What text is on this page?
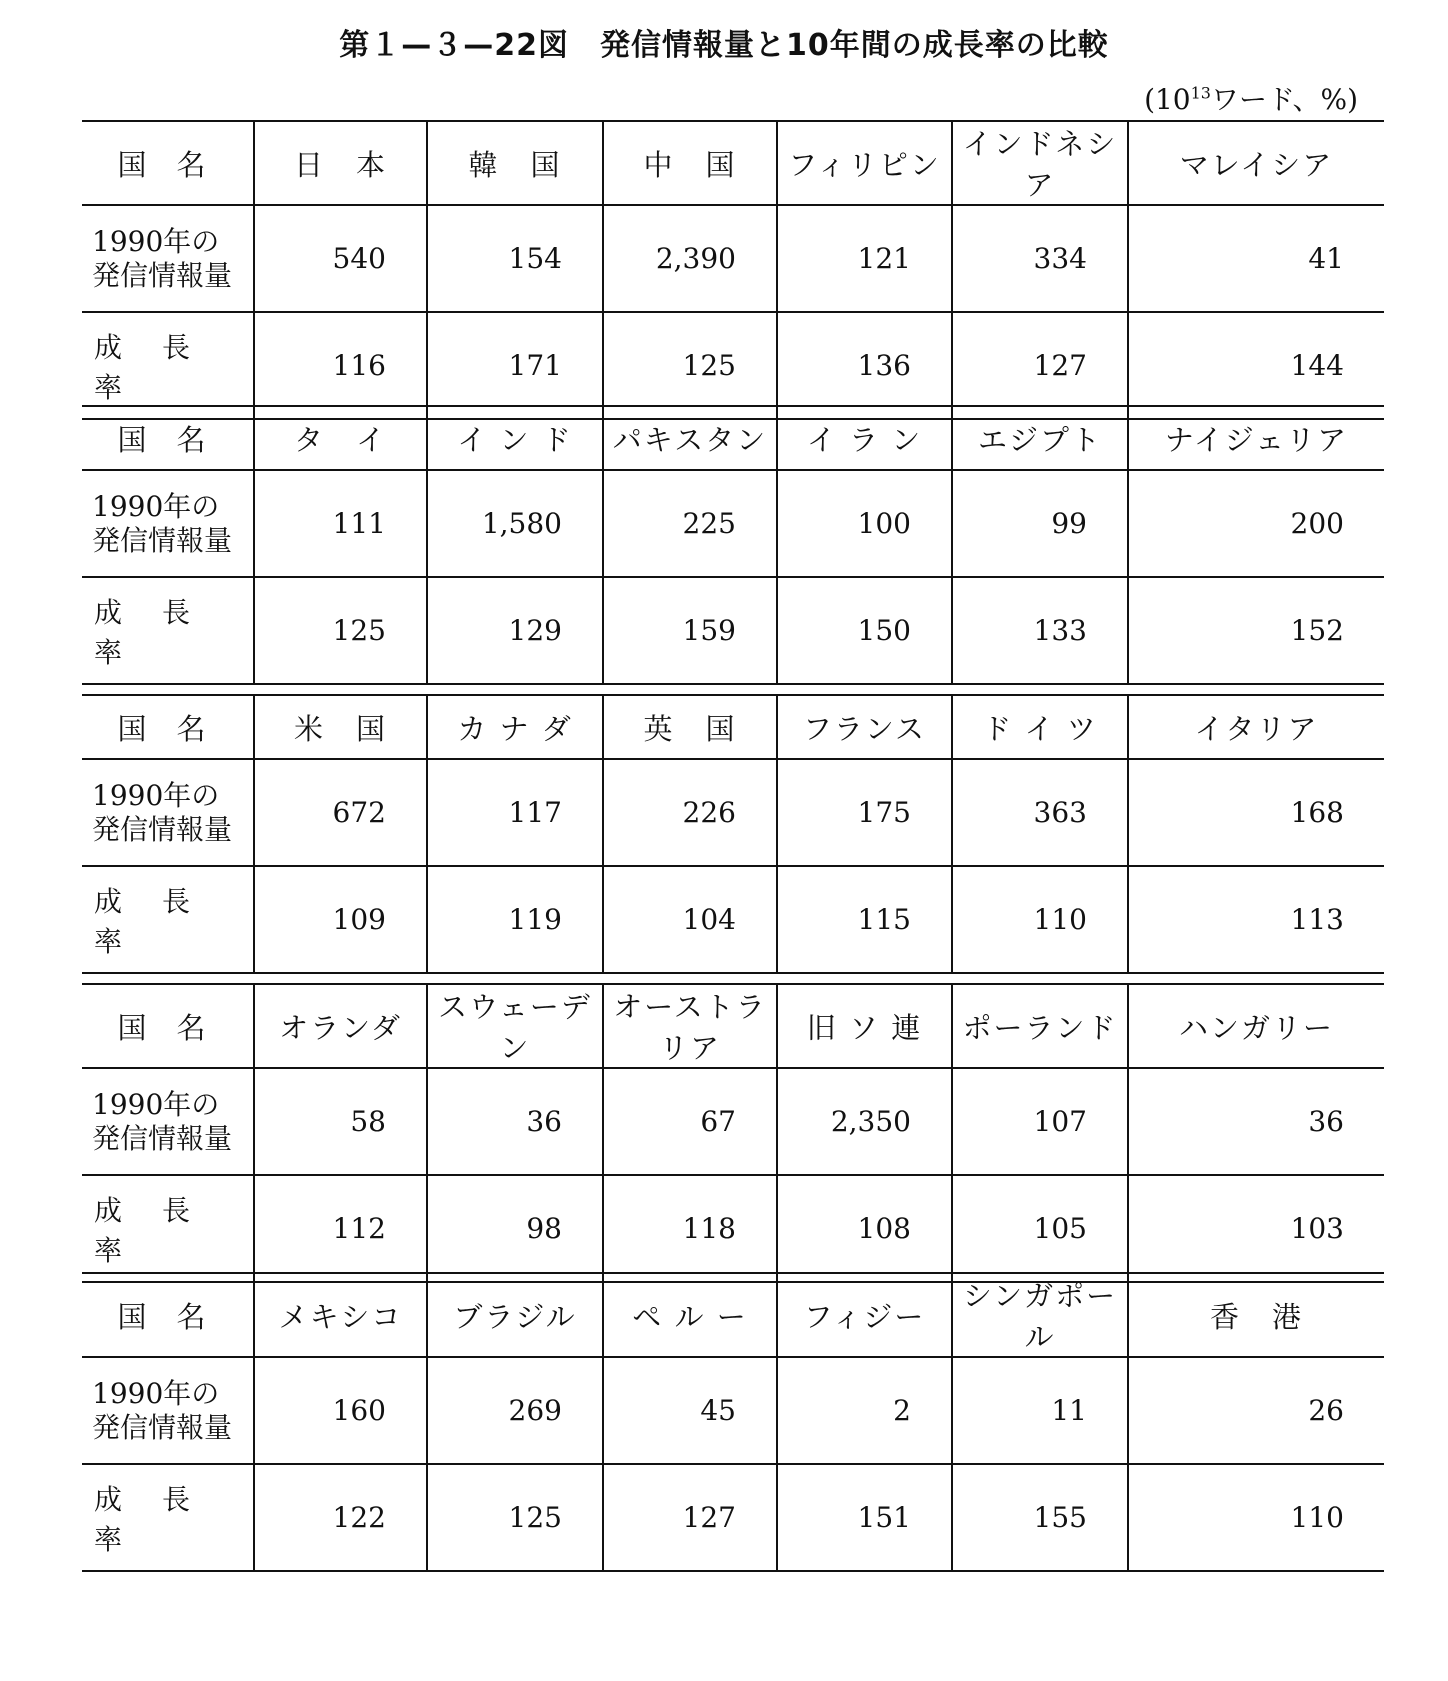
第１—３—22図　発信情報量と10年間の成長率の比較
($10^{13}$ワード、%)
国名	日　本	韓　国	中　国	フィリピン	インドネシア	マレイシア

1990年の
発信情報量	540	154	2,390	121	334	41
成長率	116	171	125	136	127	144
国名	タ　イ	イ ン ド	パキスタン	イ ラ ン	エジプト	ナイジェリア

1990年の
発信情報量	111	1,580	225	100	99	200
成長率	125	129	159	150	133	152
国名	米　国	カ ナ ダ	英　国	フランス	ド イ ツ	イタリア

1990年の
発信情報量	672	117	226	175	363	168
成長率	109	119	104	115	110	113
国名	オランダ	スウェーデン	オーストラリア	旧 ソ 連	ポーランド	ハンガリー

1990年の
発信情報量	58	36	67	2,350	107	36
成長率	112	98	118	108	105	103
国名	メキシコ	ブラジル	ペ ル ー	フィジー	シンガポール	香　港

1990年の
発信情報量	160	269	45	2	11	26
成長率	122	125	127	151	155	110
